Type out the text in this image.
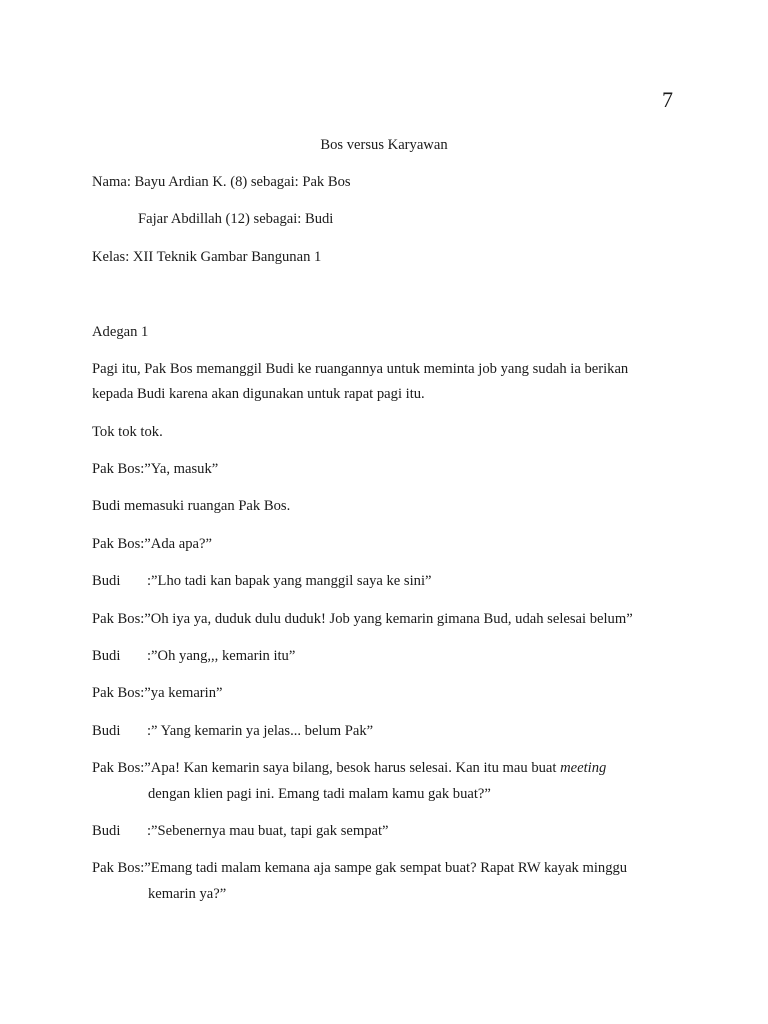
7
Bos versus Karyawan
Nama: Bayu Ardian K. (8) sebagai: Pak Bos
Fajar Abdillah (12) sebagai: Budi
Kelas: XII Teknik Gambar Bangunan 1
Adegan 1
Pagi itu, Pak Bos memanggil Budi ke ruangannya untuk meminta job yang sudah ia berikan
kepada Budi karena akan digunakan untuk rapat pagi itu.
Tok tok tok.
Pak Bos:”Ya, masuk”
Budi memasuki ruangan Pak Bos.
Pak Bos:”Ada apa?”
Budi :”Lho tadi kan bapak yang manggil saya ke sini”
Pak Bos:”Oh iya ya, duduk dulu duduk! Job yang kemarin gimana Bud, udah selesai belum”
Budi :”Oh yang,,, kemarin itu”
Pak Bos:”ya kemarin”
Budi :” Yang kemarin ya jelas... belum Pak”
Pak Bos:”Apa! Kan kemarin saya bilang, besok harus selesai. Kan itu mau buat meeting
dengan klien pagi ini. Emang tadi malam kamu gak buat?”
Budi :”Sebenernya mau buat, tapi gak sempat”
Pak Bos:”Emang tadi malam kemana aja sampe gak sempat buat? Rapat RW kayak minggu
kemarin ya?”
